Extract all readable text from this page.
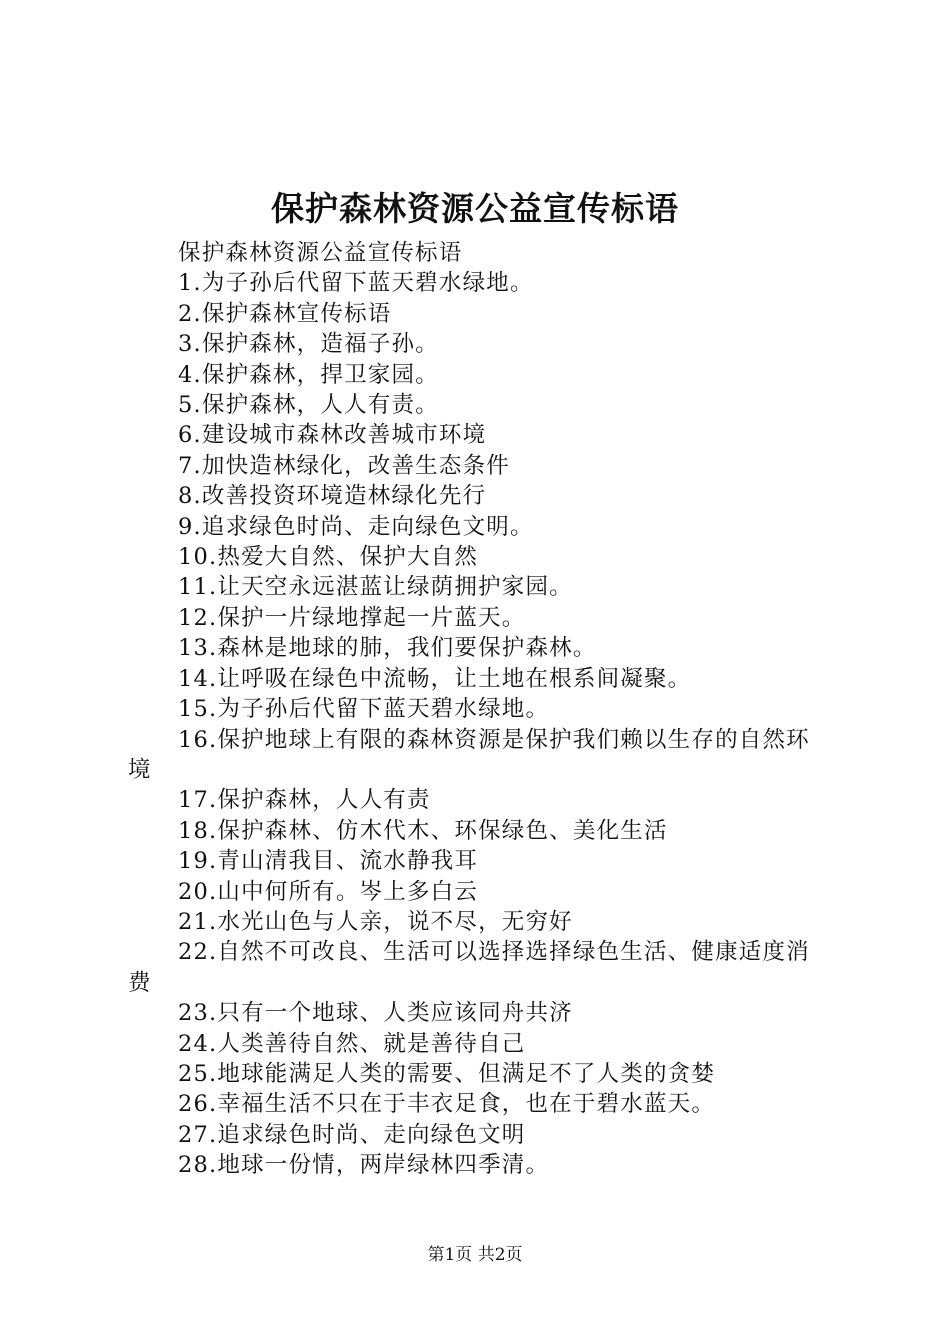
保护森林资源公益宣传标语

保护森林资源公益宣传标语

1.为子孙后代留下蓝天碧水绿地。

2.保护森林宣传标语

3.保护森林，造福子孙。

4.保护森林，捍卫家园。

5.保护森林，人人有责。

6.建设城市森林改善城市环境

7.加快造林绿化，改善生态条件

8.改善投资环境造林绿化先行

9.追求绿色时尚、走向绿色文明。

10.热爱大自然、保护大自然

11.让天空永远湛蓝让绿荫拥护家园。

12.保护一片绿地撑起一片蓝天。

13.森林是地球的肺，我们要保护森林。

14.让呼吸在绿色中流畅，让土地在根系间凝聚。

15.为子孙后代留下蓝天碧水绿地。

16.保护地球上有限的森林资源是保护我们赖以生存的自然环境

17.保护森林，人人有责

18.保护森林、仿木代木、环保绿色、美化生活

19.青山清我目、流水静我耳

20.山中何所有。岑上多白云

21.水光山色与人亲，说不尽，无穷好

22.自然不可改良、生活可以选择选择绿色生活、健康适度消费

23.只有一个地球、人类应该同舟共济

24.人类善待自然、就是善待自己

25.地球能满足人类的需要、但满足不了人类的贪婪

26.幸福生活不只在于丰衣足食，也在于碧水蓝天。

27.追求绿色时尚、走向绿色文明

28.地球一份情，两岸绿林四季清。

第1页 共2页
